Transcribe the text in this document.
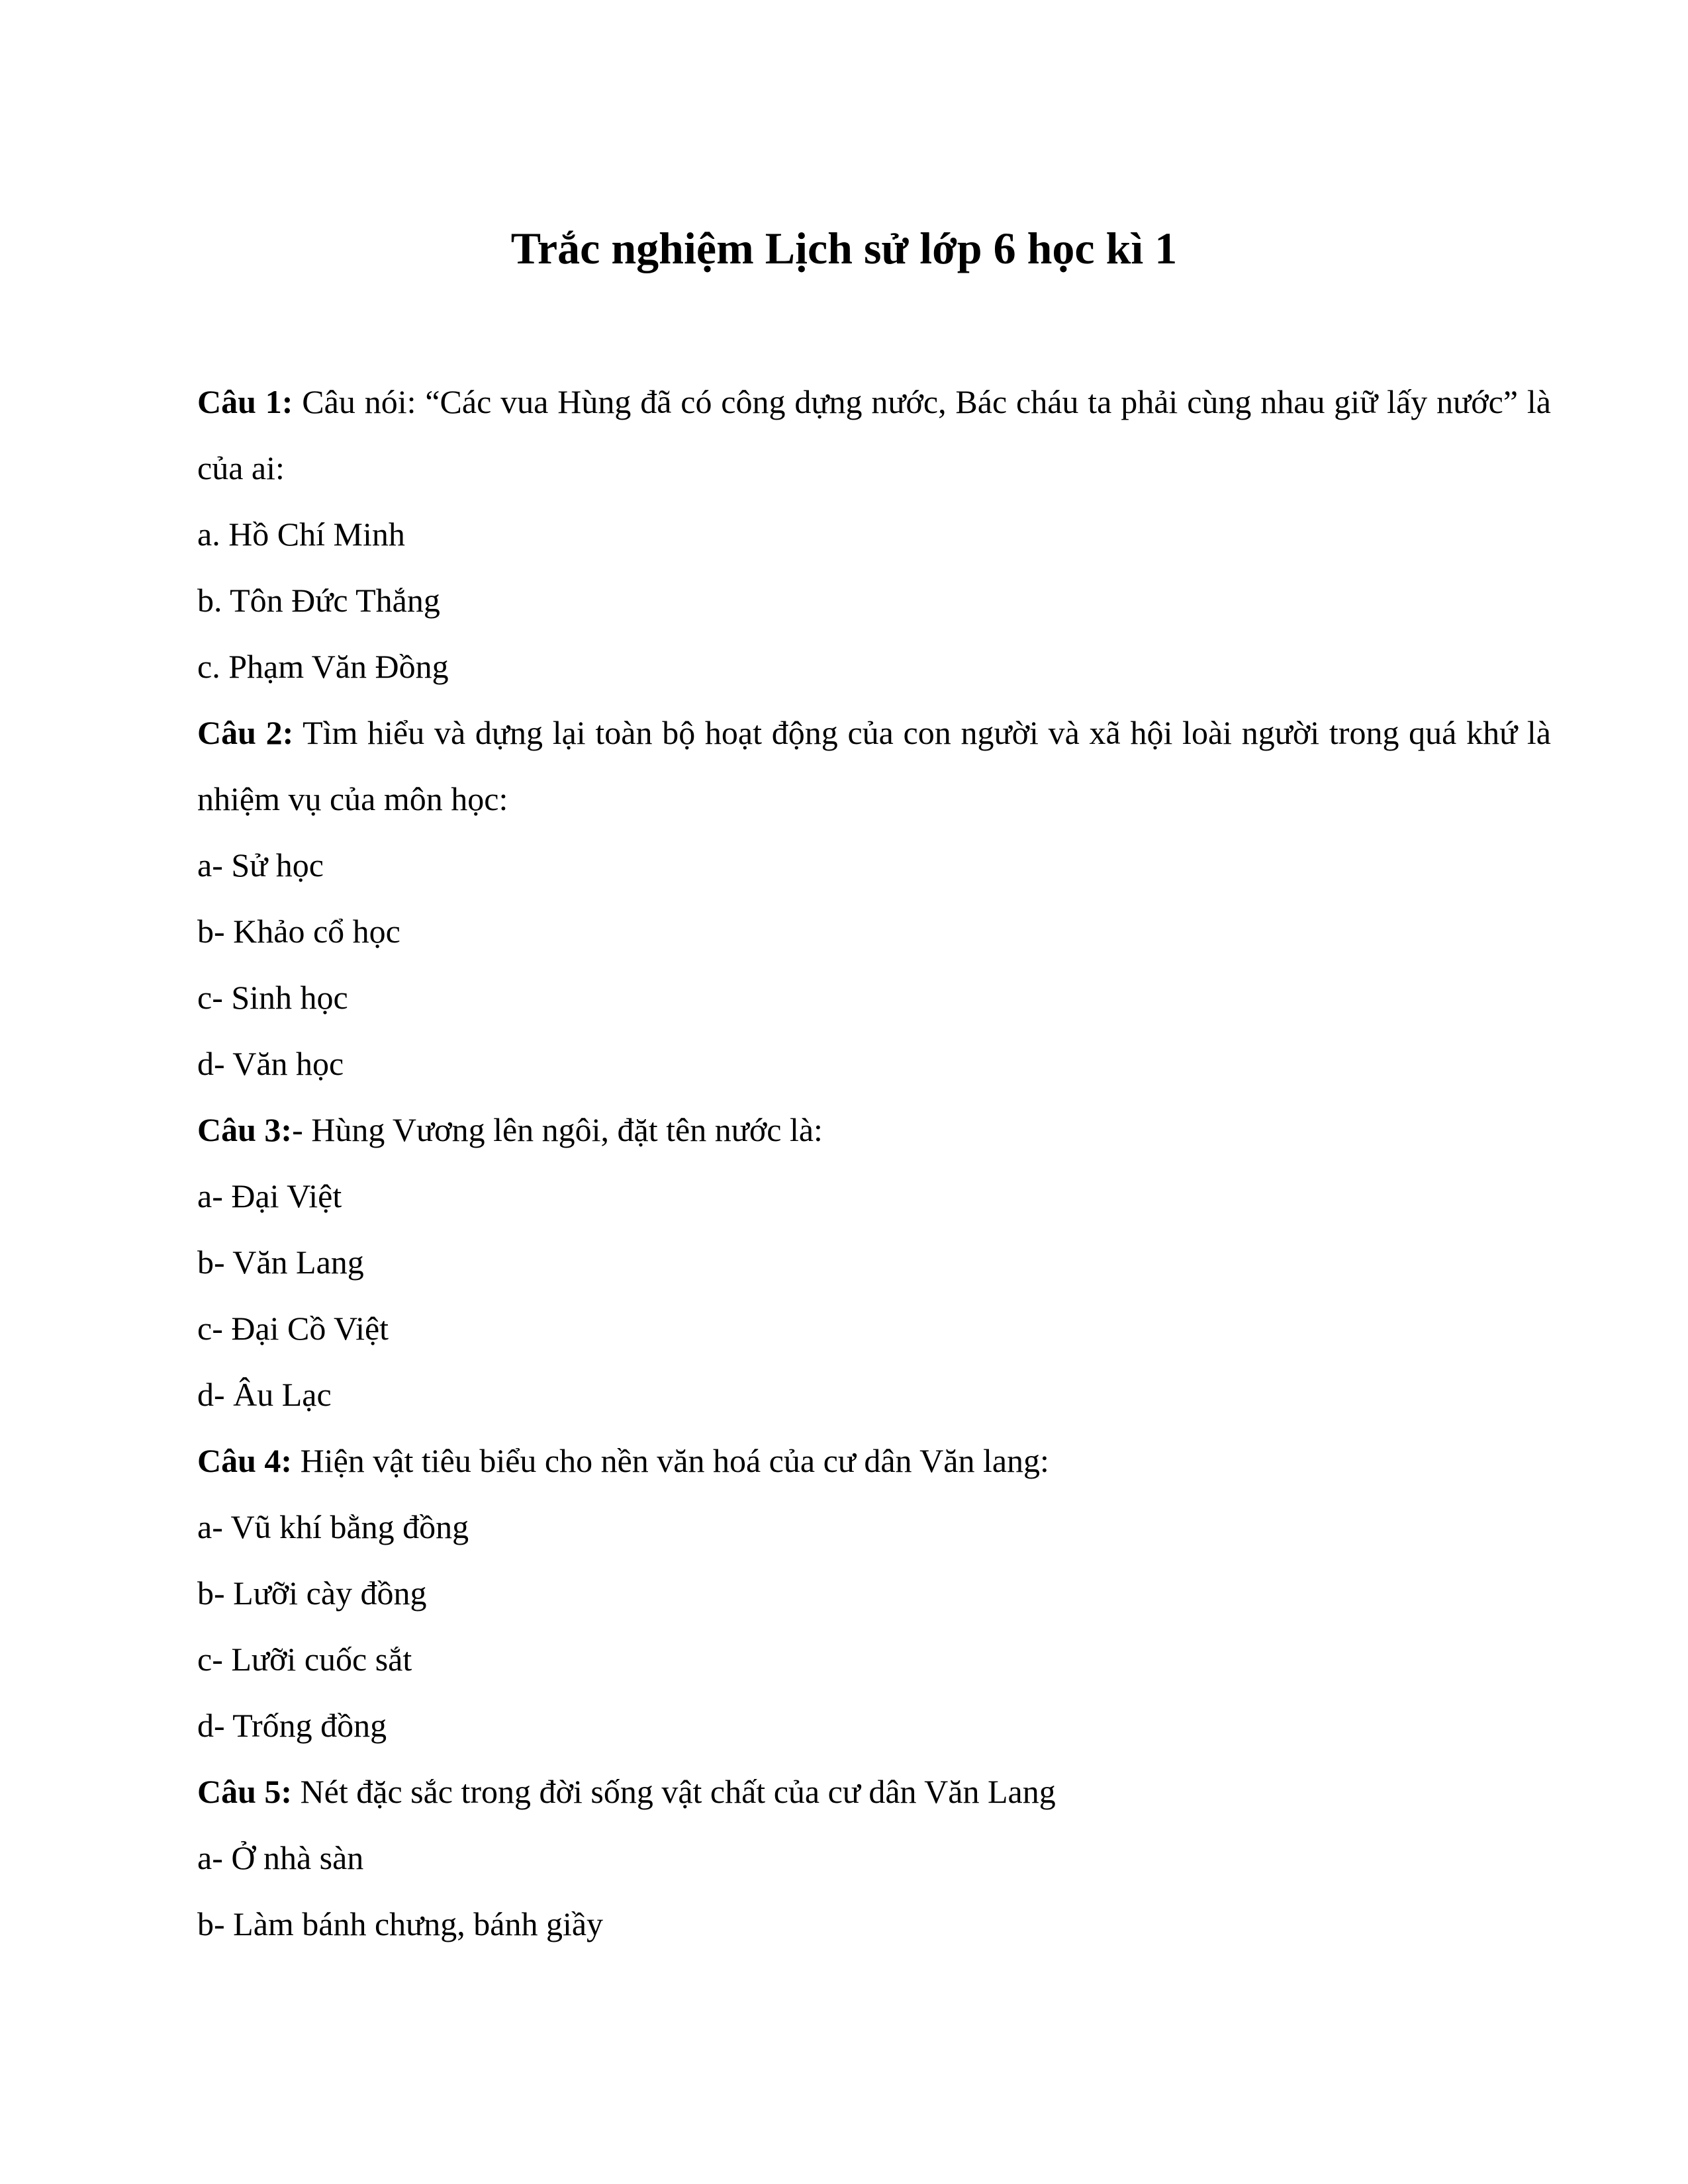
Trắc nghiệm Lịch sử lớp 6 học kì 1

Câu 1: Câu nói: “Các vua Hùng đã có công dựng nước, Bác cháu ta phải cùng nhau giữ lấy nước” là của ai:

a. Hồ Chí Minh

b. Tôn Đức Thắng

c. Phạm Văn Đồng

Câu 2: Tìm hiểu và dựng lại toàn bộ hoạt động của con người và xã hội loài người trong quá khứ là nhiệm vụ của môn học:

a- Sử học

b- Khảo cổ học

c- Sinh học

d- Văn học

Câu 3:- Hùng Vương lên ngôi, đặt tên nước là:

a- Đại Việt

b- Văn Lang

c- Đại Cồ Việt

d- Âu Lạc

Câu 4: Hiện vật tiêu biểu cho nền văn hoá của cư dân Văn lang:

a- Vũ khí bằng đồng

b- Lưỡi cày đồng

c- Lưỡi cuốc sắt

d- Trống đồng

Câu 5: Nét đặc sắc trong đời sống vật chất của cư dân Văn Lang

a- Ở nhà sàn

b- Làm bánh chưng, bánh giầy
